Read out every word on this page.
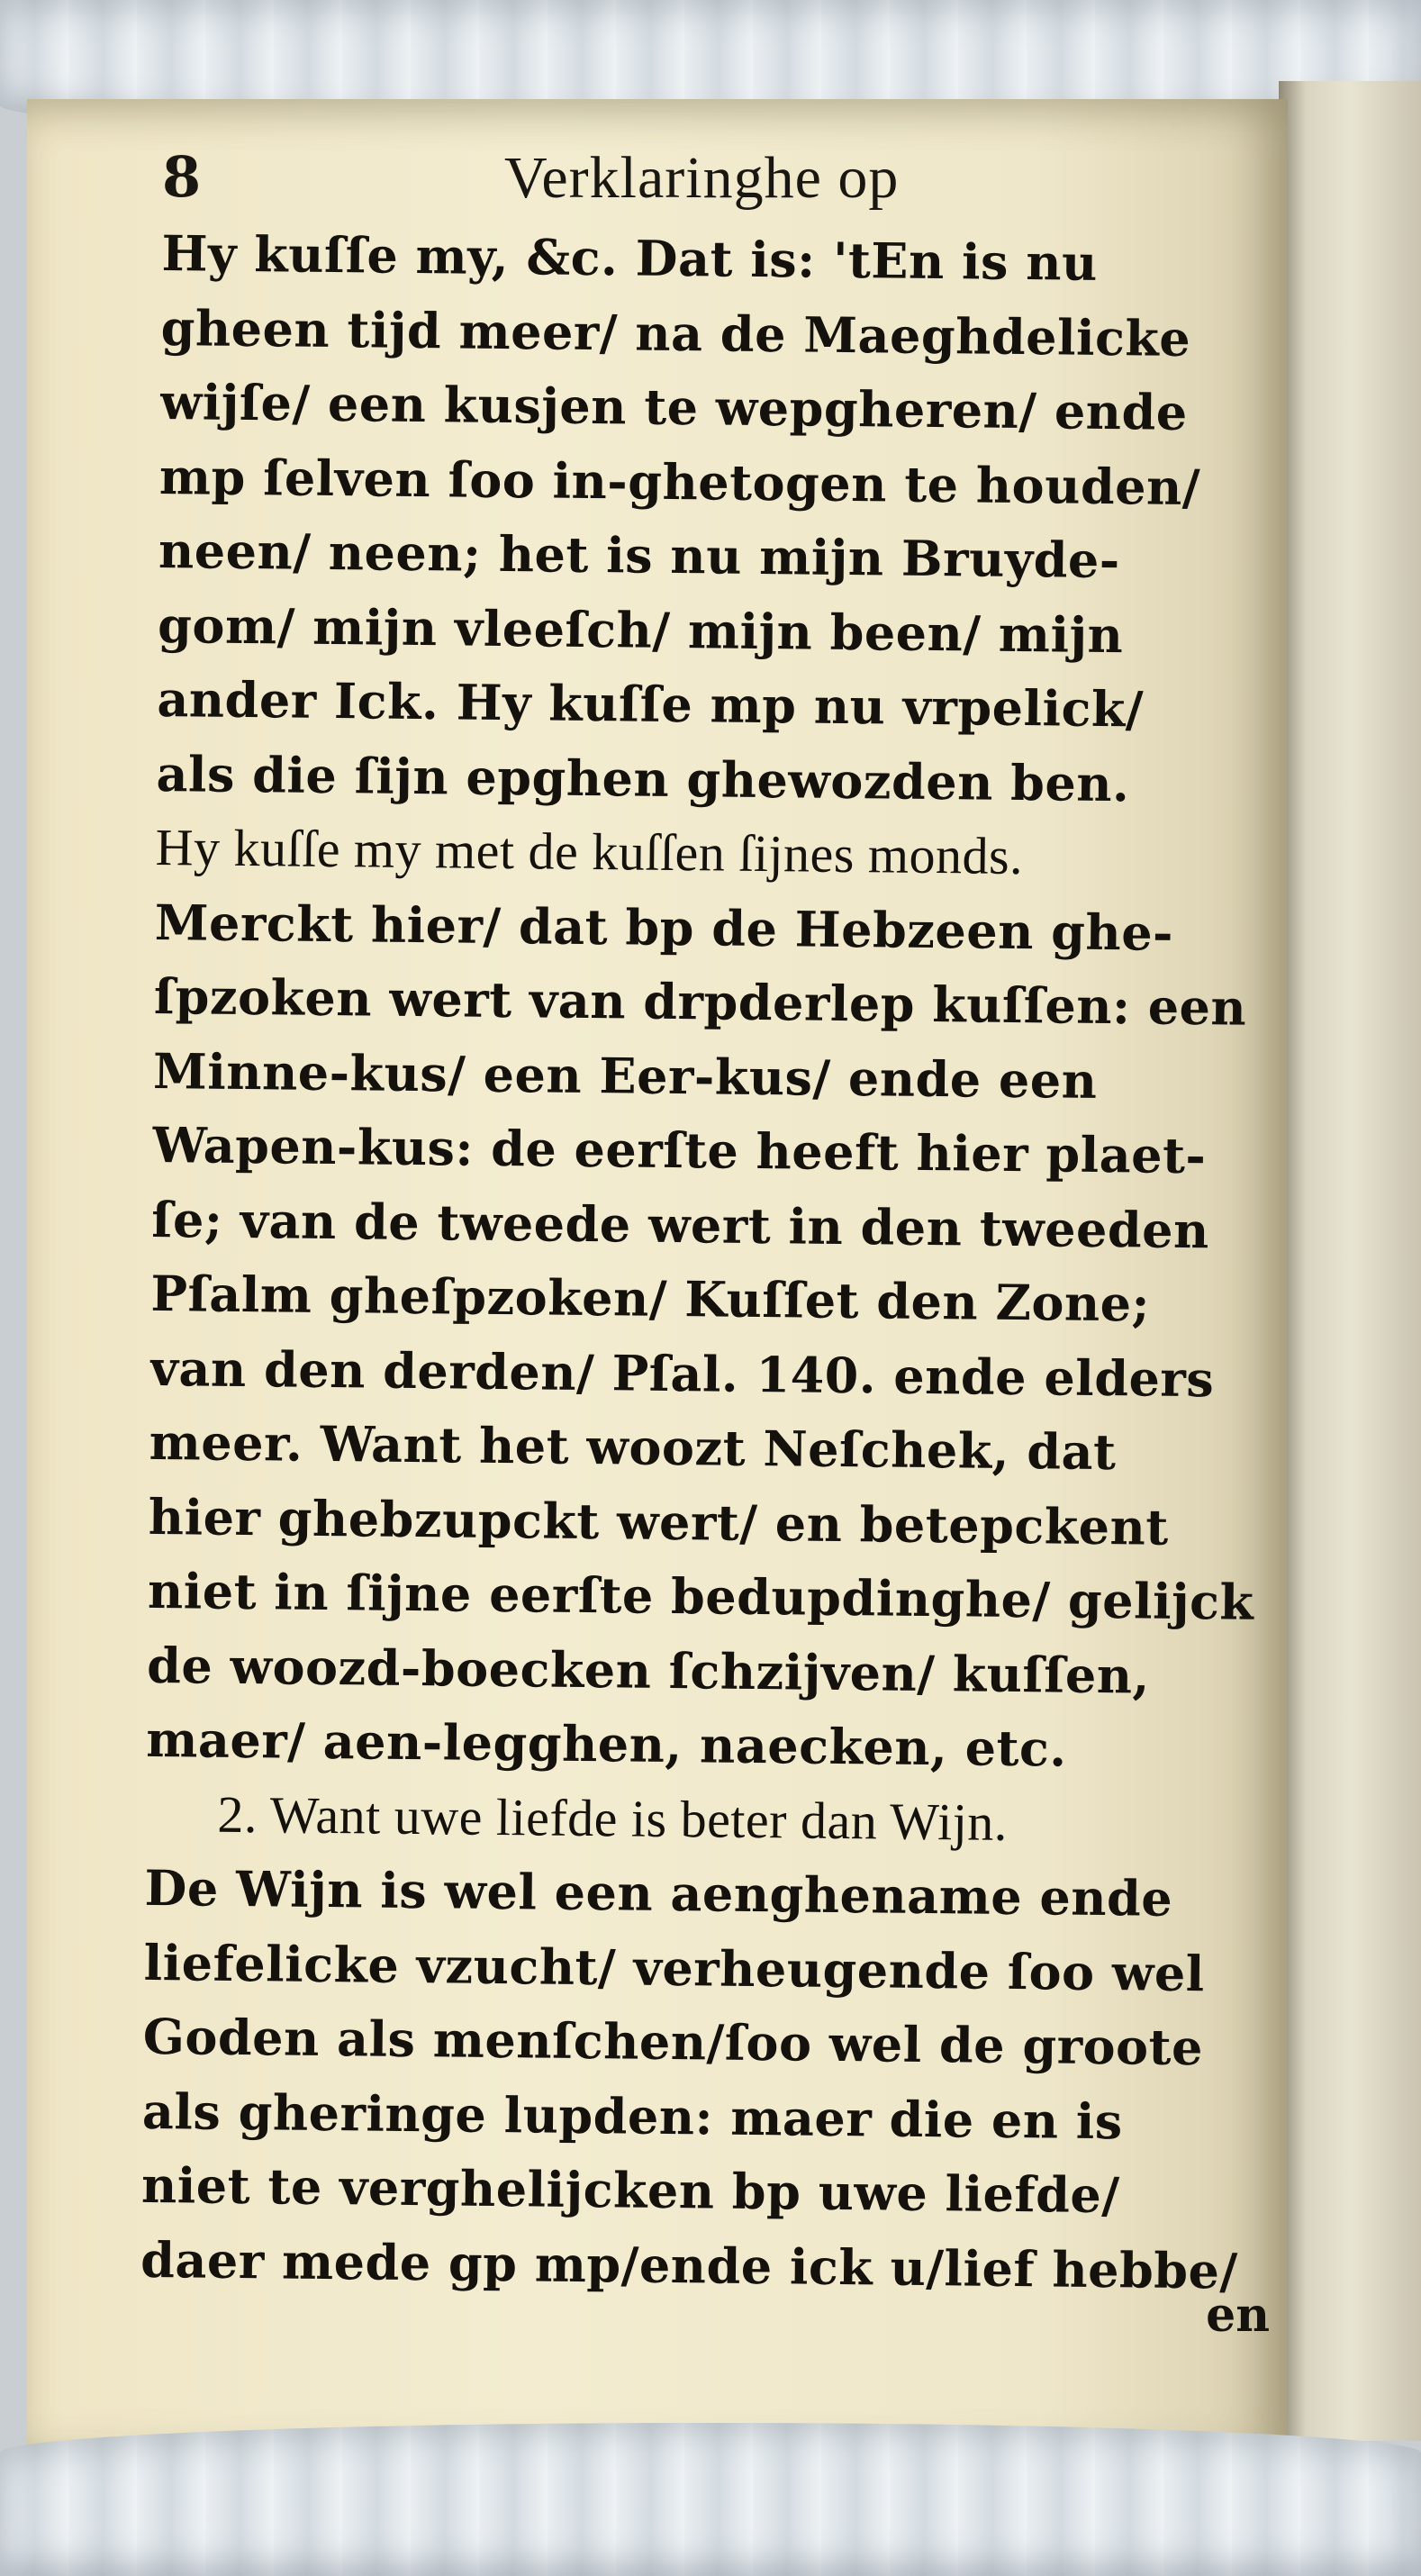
8	Verklaringhe op
Hy kuſſe my, &c. Dat is: 'tEn is nu
gheen tijd meer/ na de Maeghdelicke
wijſe/ een kusjen te wepgheren/ ende
mp ſelven ſoo in-ghetogen te houden/
neen/ neen; het is nu mijn Bruyde-
gom/ mijn vleeſch/ mijn been/ mijn
ander Ick. Hy kuſſe mp nu vrpelick/
als die ſijn epghen ghewozden ben.
Hy kuſſe my met de kuſſen ſijnes monds.
Merckt hier/ dat bp de Hebzeen ghe-
ſpzoken wert van drpderlep kuſſen: een
Minne-kus/ een Eer-kus/ ende een
Wapen-kus: de eerſte heeft hier plaet-
ſe; van de tweede wert in den tweeden
Pſalm gheſpzoken/ Kuſſet den Zone;
van den derden/ Pſal. 140. ende elders
meer. Want het woozt Neſchek, dat
hier ghebzupckt wert/ en betepckent
niet in ſijne eerſte bedupdinghe/ gelijck
de woozd-boecken ſchzijven/ kuſſen,
maer/ aen-legghen, naecken, etc.
2. Want uwe liefde is beter dan Wijn.
De Wijn is wel een aenghename ende
liefelicke vzucht/ verheugende ſoo wel
Goden als menſchen/ſoo wel de groote
als gheringe lupden: maer die en is
niet te verghelijcken bp uwe liefde/
daer mede gp mp/ende ick u/lief hebbe/
en
